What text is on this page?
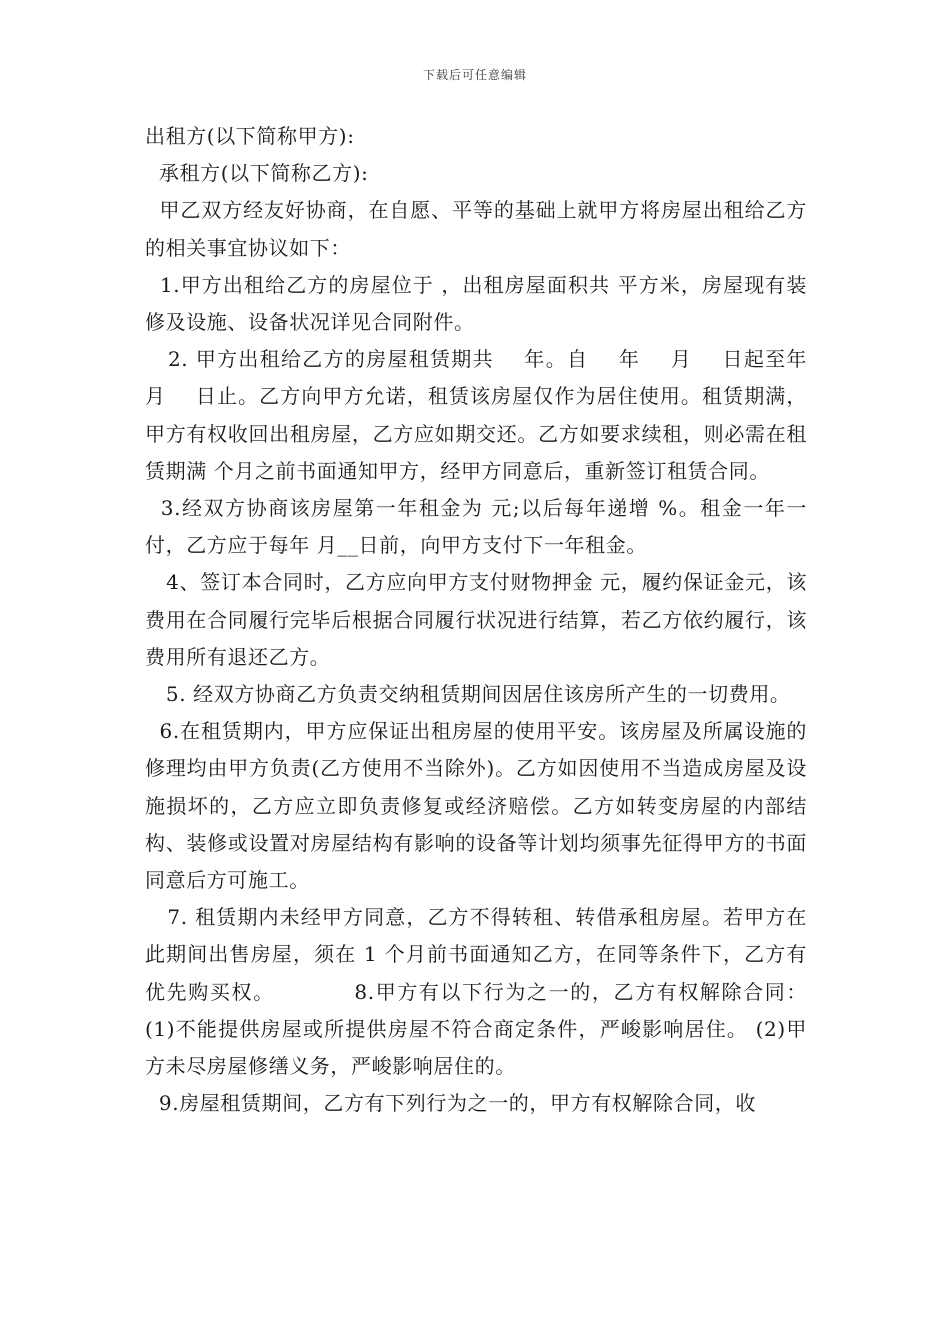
下载后可任意编辑

出租方(以下简称甲方):

承租方(以下简称乙方):

甲乙双方经友好协商，在自愿、平等的基础上就甲方将房屋出租给乙方的相关事宜协议如下：

1.甲方出租给乙方的房屋位于 ，出租房屋面积共 平方米，房屋现有装修及设施、设备状况详见合同附件。

2. 甲方出租给乙方的房屋租赁期共    年。自    年    月    日起至年    月    日止。乙方向甲方允诺，租赁该房屋仅作为居住使用。租赁期满，甲方有权收回出租房屋，乙方应如期交还。乙方如要求续租，则必需在租赁期满 个月之前书面通知甲方，经甲方同意后，重新签订租赁合同。

3.经双方协商该房屋第一年租金为 元;以后每年递增 %。租金一年一付，乙方应于每年 月__日前，向甲方支付下一年租金。

4、签订本合同时，乙方应向甲方支付财物押金 元，履约保证金元，该费用在合同履行完毕后根据合同履行状况进行结算，若乙方依约履行，该费用所有退还乙方。

5. 经双方协商乙方负责交纳租赁期间因居住该房所产生的一切费用。

6.在租赁期内，甲方应保证出租房屋的使用平安。该房屋及所属设施的修理均由甲方负责(乙方使用不当除外)。乙方如因使用不当造成房屋及设施损坏的，乙方应立即负责修复或经济赔偿。乙方如转变房屋的内部结构、装修或设置对房屋结构有影响的设备等计划均须事先征得甲方的书面同意后方可施工。

7. 租赁期内未经甲方同意，乙方不得转租、转借承租房屋。若甲方在此期间出售房屋，须在 1 个月前书面通知乙方，在同等条件下，乙方有优先购买权。          8.甲方有以下行为之一的，乙方有权解除合同： (1)不能提供房屋或所提供房屋不符合商定条件，严峻影响居住。 (2)甲方未尽房屋修缮义务，严峻影响居住的。

9.房屋租赁期间，乙方有下列行为之一的，甲方有权解除合同，收
